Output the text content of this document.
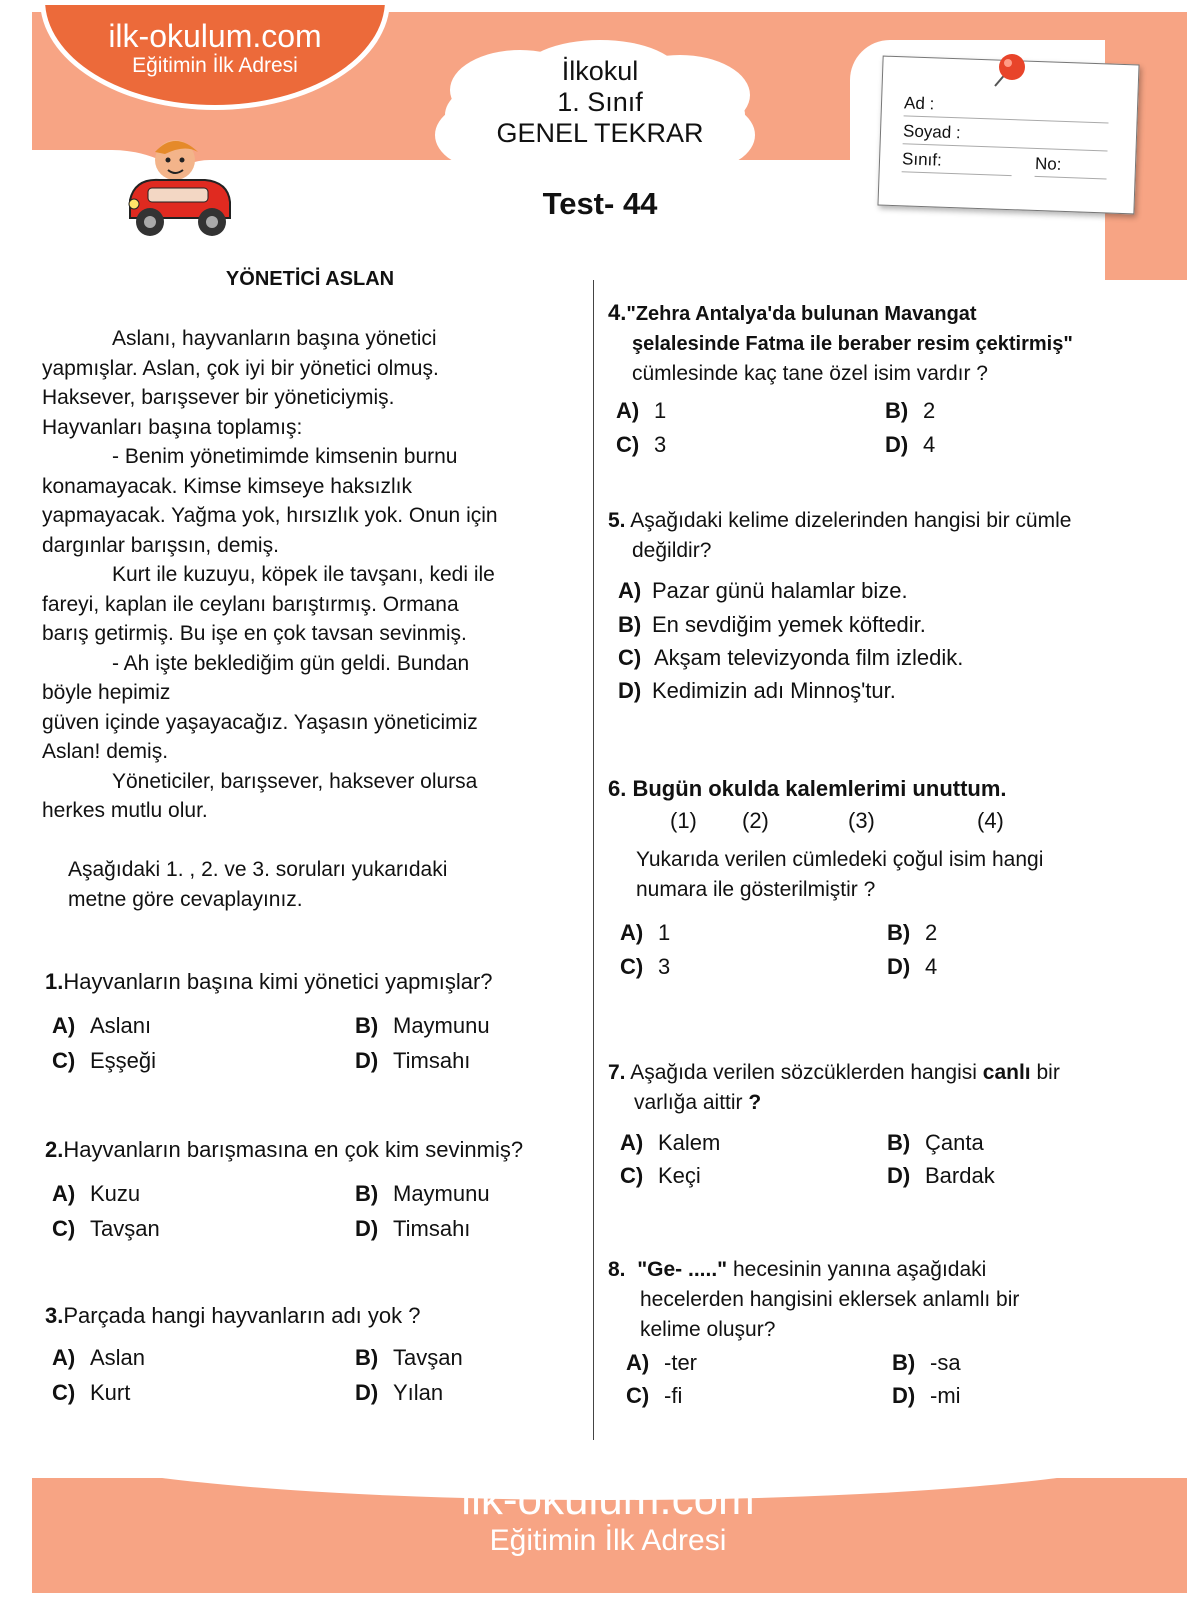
ilk-okulum.com
Eğitimin İlk Adresi	İlkokul
1. Sınıf
GENEL TEKRAR
Test- 44
Ad :
Soyad :
Sınıf:	No:
YÖNETİCİ ASLAN

Aslanı, hayvanların başına yönetici

yapmışlar. Aslan, çok iyi bir yönetici olmuş.

Haksever, barışsever bir yöneticiymiş.

Hayvanları başına toplamış:

- Benim yönetimimde kimsenin burnu

konamayacak. Kimse kimseye haksızlık

yapmayacak. Yağma yok, hırsızlık yok. Onun için

dargınlar barışsın, demiş.

Kurt ile kuzuyu, köpek ile tavşanı, kedi ile

fareyi, kaplan ile ceylanı barıştırmış. Ormana

barış getirmiş. Bu işe en çok tavsan sevinmiş.

- Ah işte beklediğim gün geldi. Bundan

böyle hepimiz

güven içinde yaşayacağız. Yaşasın yöneticimiz

Aslan! demiş.

Yöneticiler, barışsever, haksever olursa

herkes mutlu olur.

Aşağıdaki 1. , 2. ve 3. soruları yukarıdaki
metne göre cevaplayınız.
1.Hayvanların başına kimi yönetici yapmışlar?
A) Aslanı	B) Maymunu
C) Eşşeği	D) Timsahı
2.Hayvanların barışmasına en çok kim sevinmiş?
A) Kuzu	B) Maymunu
C) Tavşan	D) Timsahı
3.Parçada hangi hayvanların adı yok ?
A) Aslan	B) Tavşan
C) Kurt	D) Yılan
4."Zehra Antalya'da bulunan Mavangat
şelalesinde Fatma ile beraber resim çektirmiş"
cümlesinde kaç tane özel isim vardır ?
A) 1	B) 2
C) 3	D) 4
5. Aşağıdaki kelime dizelerinden hangisi bir cümle
değildir?
A) Pazar günü halamlar bize.
B) En sevdiğim yemek köftedir.
C) Akşam televizyonda film izledik.
D) Kedimizin adı Minnoş'tur.
6. Bugün okulda kalemlerimi unuttum.
(1) (2)	(3)	(4)
Yukarıda verilen cümledeki çoğul isim hangi
numara ile gösterilmiştir ?
A) 1	B) 2
C) 3	D) 4
7. Aşağıda verilen sözcüklerden hangisi canlı bir
varlığa aittir ?
A) Kalem	B) Çanta
C) Keçi	D) Bardak
8. "Ge- ....." hecesinin yanına aşağıdaki
hecelerden hangisini eklersek anlamlı bir
kelime oluşur?
A) -ter	B) -sa
C) -fi	D) -mi
ilk-okulum.com
Eğitimin İlk Adresi
